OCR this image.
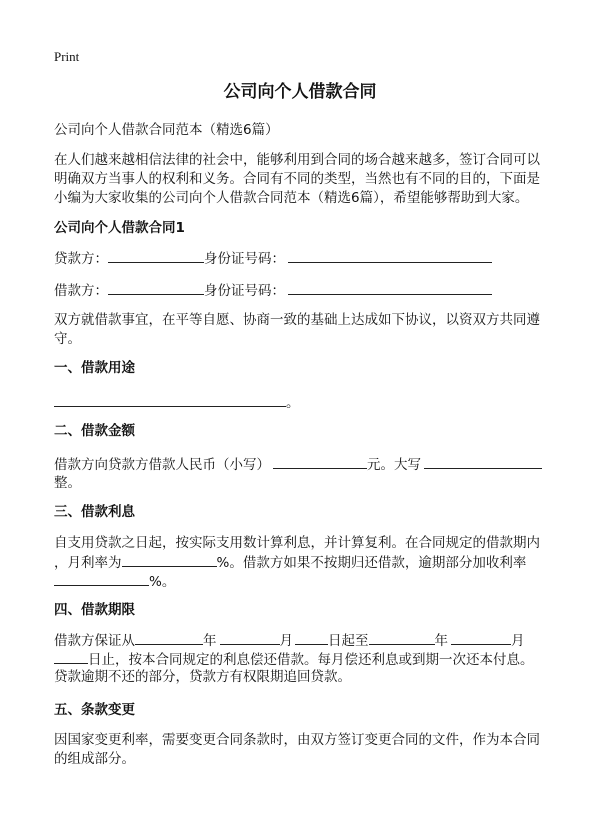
Print
公司向个人借款合同
公司向个人借款合同范本（精选6篇）
在人们越来越相信法律的社会中，能够利用到合同的场合越来越多，签订合同可以
明确双方当事人的权利和义务。合同有不同的类型，当然也有不同的目的，下面是
小编为大家收集的公司向个人借款合同范本（精选6篇），希望能够帮助到大家。
公司向个人借款合同1
贷款方：	身份证号码：
借款方：	身份证号码：
双方就借款事宜，在平等自愿、协商一致的基础上达成如下协议，以资双方共同遵
守。
一、借款用途
。
二、借款金额
借款方向贷款方借款人民币（小写）	元。大写
整。
三、借款利息
自支用贷款之日起，按实际支用数计算利息，并计算复利。在合同规定的借款期内
，月利率为	%。借款方如果不按期归还借款，逾期部分加收利率
%。
四、借款期限
借款方保证从	年	月	日起至	年	月
日止，按本合同规定的利息偿还借款。每月偿还利息或到期一次还本付息。
贷款逾期不还的部分，贷款方有权限期追回贷款。
五、条款变更
因国家变更利率，需要变更合同条款时，由双方签订变更合同的文件，作为本合同
的组成部分。
